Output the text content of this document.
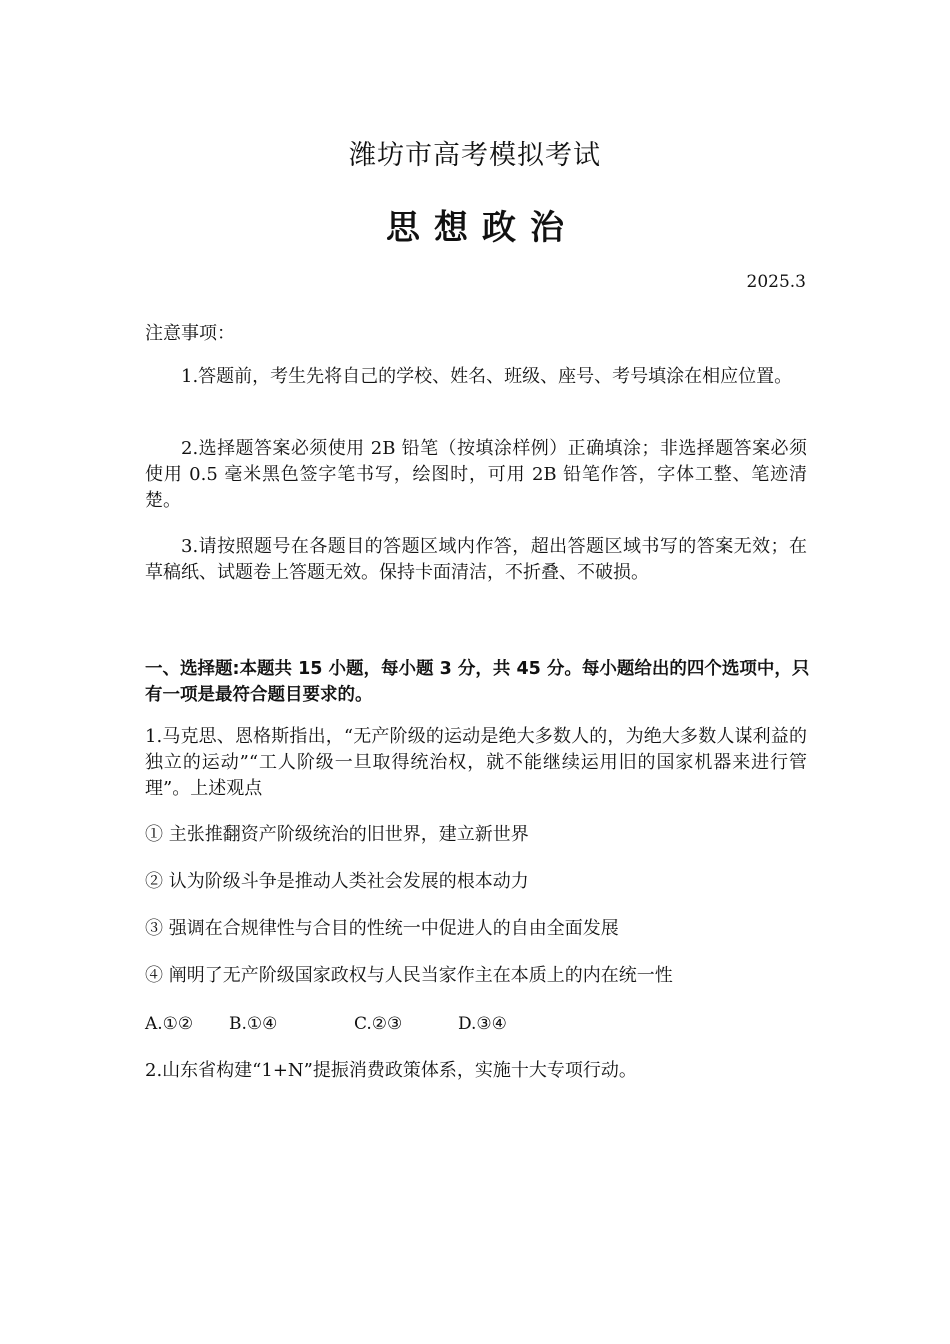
潍坊市高考模拟考试
思想政治
2025.3
注意事项：

1.答题前，考生先将自己的学校、姓名、班级、座号、考号填涂在相应位置。

2.选择题答案必须使用 2B 铅笔（按填涂样例）正确填涂；非选择题答案必须使用 0.5 毫米黑色签字笔书写，绘图时，可用 2B 铅笔作答，字体工整、笔迹清楚。

3.请按照题号在各题目的答题区域内作答，超出答题区域书写的答案无效；在草稿纸、试题卷上答题无效。保持卡面清洁，不折叠、不破损。

一、选择题:本题共 15 小题，每小题 3 分，共 45 分。每小题给出的四个选项中，只有一项是最符合题目要求的。

1.马克思、恩格斯指出，“无产阶级的运动是绝大多数人的，为绝大多数人谋利益的独立的运动”“工人阶级一旦取得统治权，就不能继续运用旧的国家机器来进行管理”。上述观点

① 主张推翻资产阶级统治的旧世界，建立新世界
② 认为阶级斗争是推动人类社会发展的根本动力
③ 强调在合规律性与合目的性统一中促进人的自由全面发展
④ 阐明了无产阶级国家政权与人民当家作主在本质上的内在统一性
A.①② B.①④	C.②③	D.③④

2.山东省构建“1+N”提振消费政策体系，实施十大专项行动。
